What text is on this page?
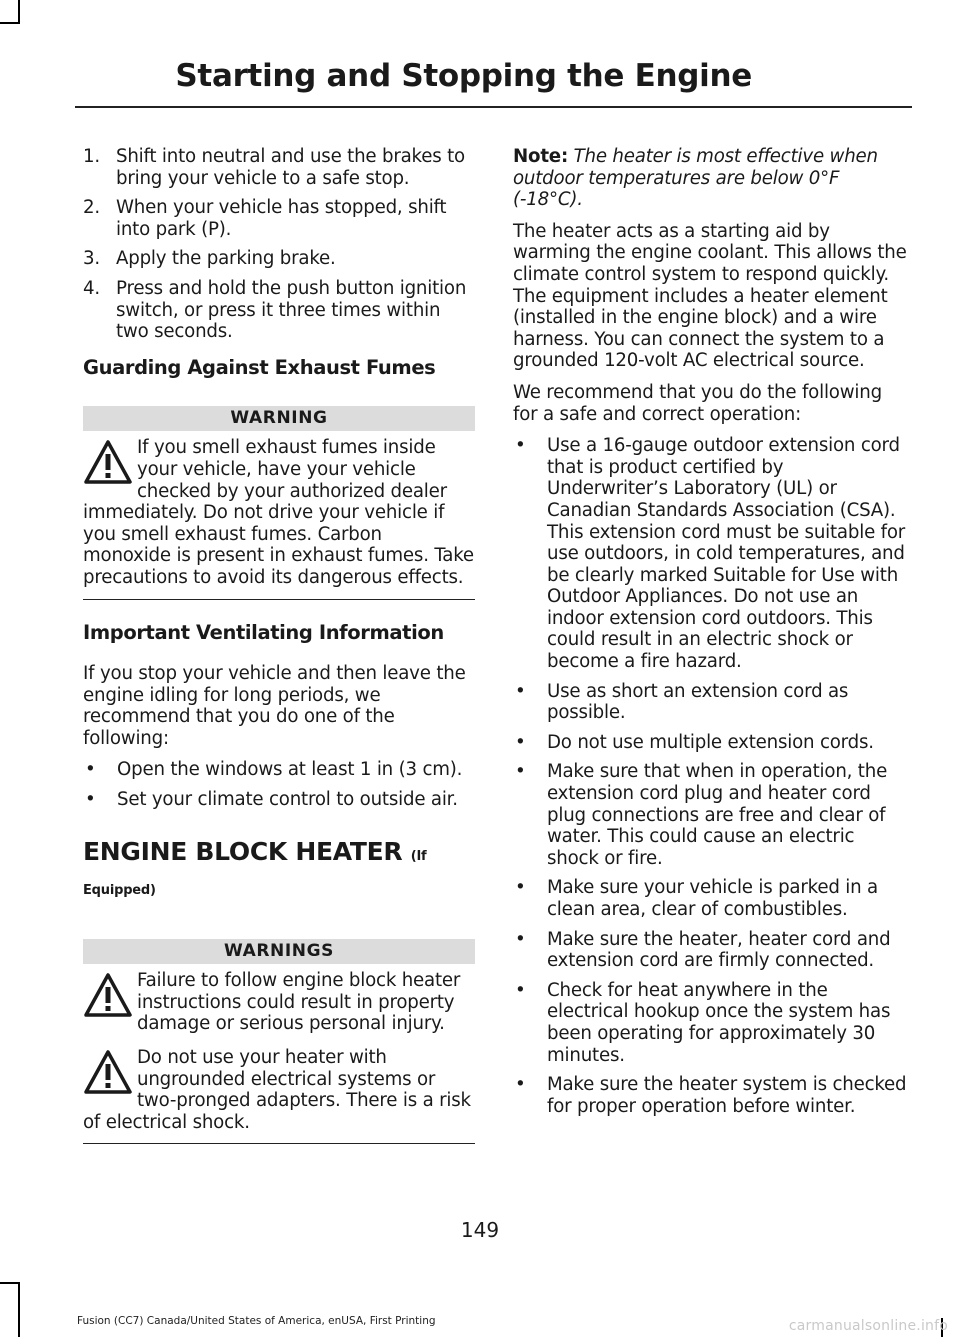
Starting and Stopping the Engine
1. Shift into neutral and use the brakes to bring your vehicle to a safe stop.
2. When your vehicle has stopped, shift into park (P).
3. Apply the parking brake.
4. Press and hold the push button ignition switch, or press it three times within two seconds.
Guarding Against Exhaust Fumes
WARNING
If you smell exhaust fumes inside your vehicle, have your vehicle checked by your authorized dealer immediately. Do not drive your vehicle if you smell exhaust fumes. Carbon monoxide is present in exhaust fumes. Take precautions to avoid its dangerous effects.
Important Ventilating Information

If you stop your vehicle and then leave the engine idling for long periods, we recommend that you do one of the following:

• Open the windows at least 1 in (3 cm).
• Set your climate control to outside air.
ENGINE BLOCK HEATER (If
Equipped)
WARNINGS
Failure to follow engine block heater instructions could result in property damage or serious personal injury.
Do not use your heater with ungrounded electrical systems or two-pronged adapters. There is a risk of electrical shock.

Note: The heater is most effective when outdoor temperatures are below 0°F (-18°C).

The heater acts as a starting aid by warming the engine coolant. This allows the climate control system to respond quickly. The equipment includes a heater element (installed in the engine block) and a wire harness. You can connect the system to a grounded 120-volt AC electrical source.

We recommend that you do the following for a safe and correct operation:

• Use a 16-gauge outdoor extension cord that is product certified by Underwriter’s Laboratory (UL) or Canadian Standards Association (CSA). This extension cord must be suitable for use outdoors, in cold temperatures, and be clearly marked Suitable for Use with Outdoor Appliances. Do not use an indoor extension cord outdoors. This could result in an electric shock or become a fire hazard.
• Use as short an extension cord as possible.
• Do not use multiple extension cords.
• Make sure that when in operation, the extension cord plug and heater cord plug connections are free and clear of water. This could cause an electric shock or fire.
• Make sure your vehicle is parked in a clean area, clear of combustibles.
• Make sure the heater, heater cord and extension cord are firmly connected.
• Check for heat anywhere in the electrical hookup once the system has been operating for approximately 30 minutes.
• Make sure the heater system is checked for proper operation before winter.
149
Fusion (CC7) Canada/United States of America, enUSA, First Printing	carmanualsonline.info
